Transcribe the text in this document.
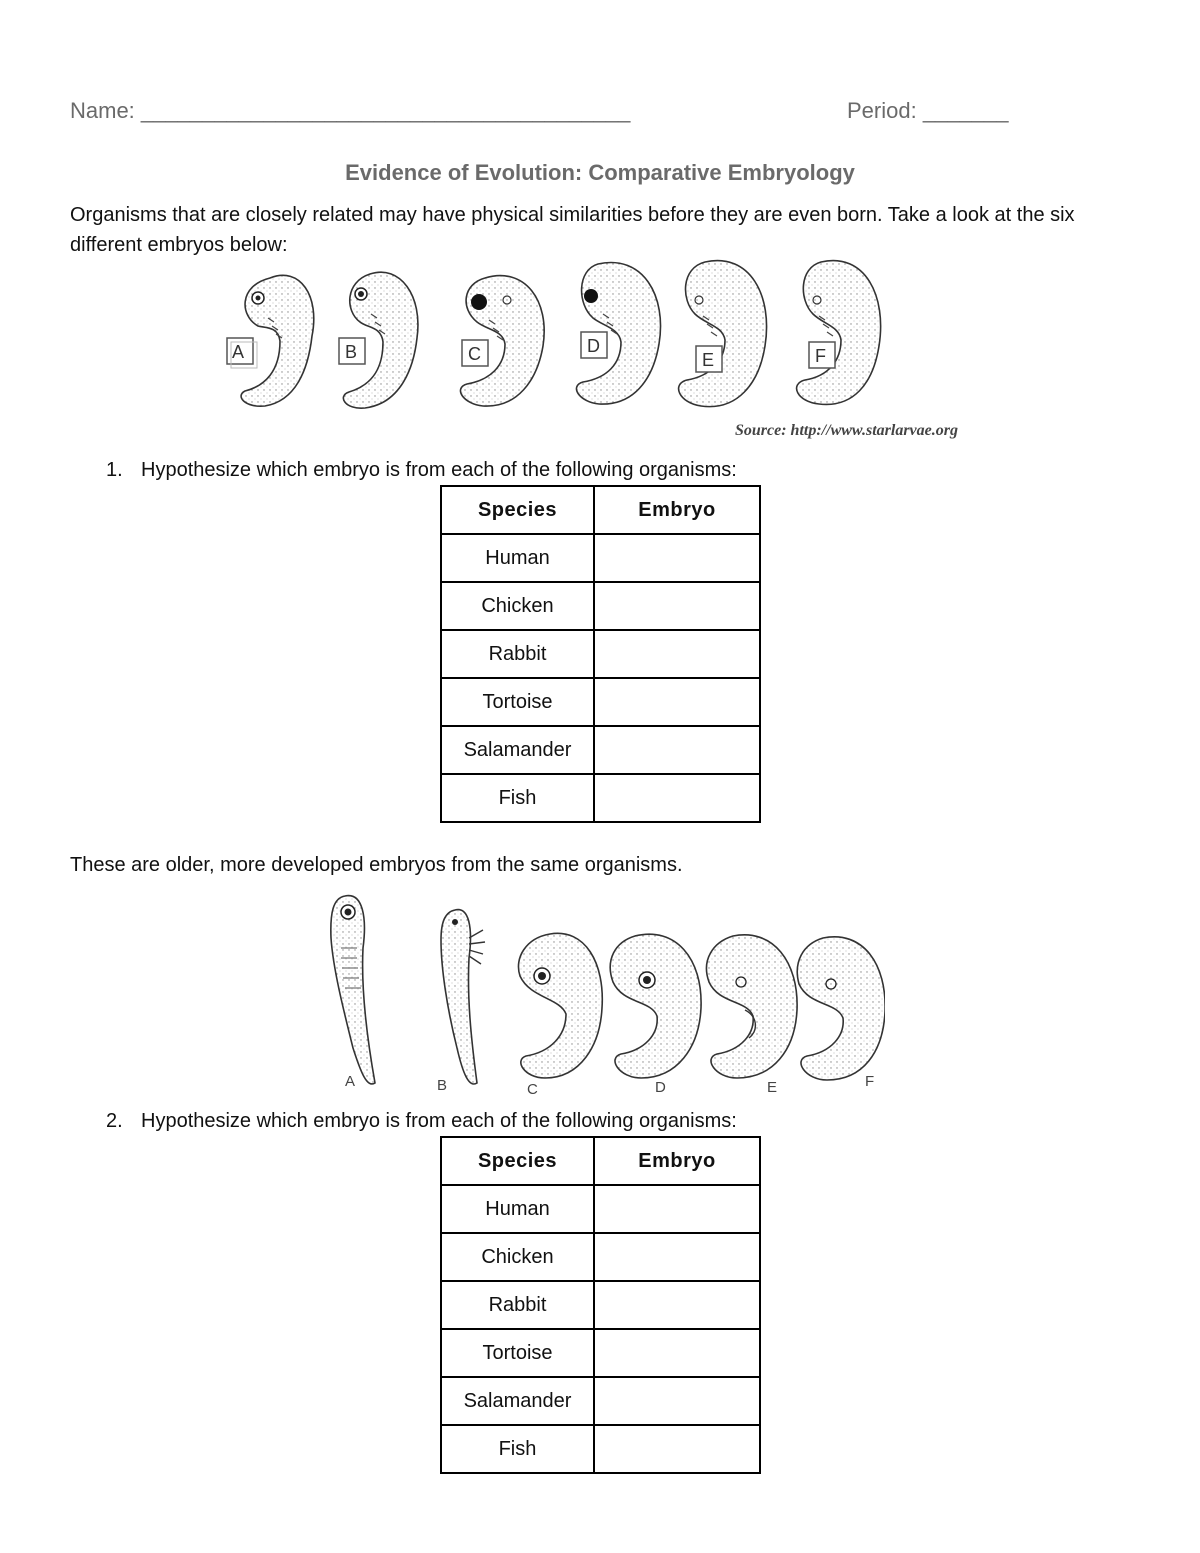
Name: ________________________________________	Period: _______
Evidence of Evolution: Comparative Embryology
Organisms that are closely related may have physical similarities before they are even born. Take a look at the six different embryos below:
A	B	C	D
E	F
Source: http://www.starlarvae.org
1. Hypothesize which embryo is from each of the following organisms:
Species	Embryo
Human	
Chicken	
Rabbit	
Tortoise	
Salamander	
Fish	
These are older, more developed embryos from the same organisms.
A	B	C	D	E	F
2. Hypothesize which embryo is from each of the following organisms:
Species	Embryo
Human	
Chicken	
Rabbit	
Tortoise	
Salamander	
Fish	
